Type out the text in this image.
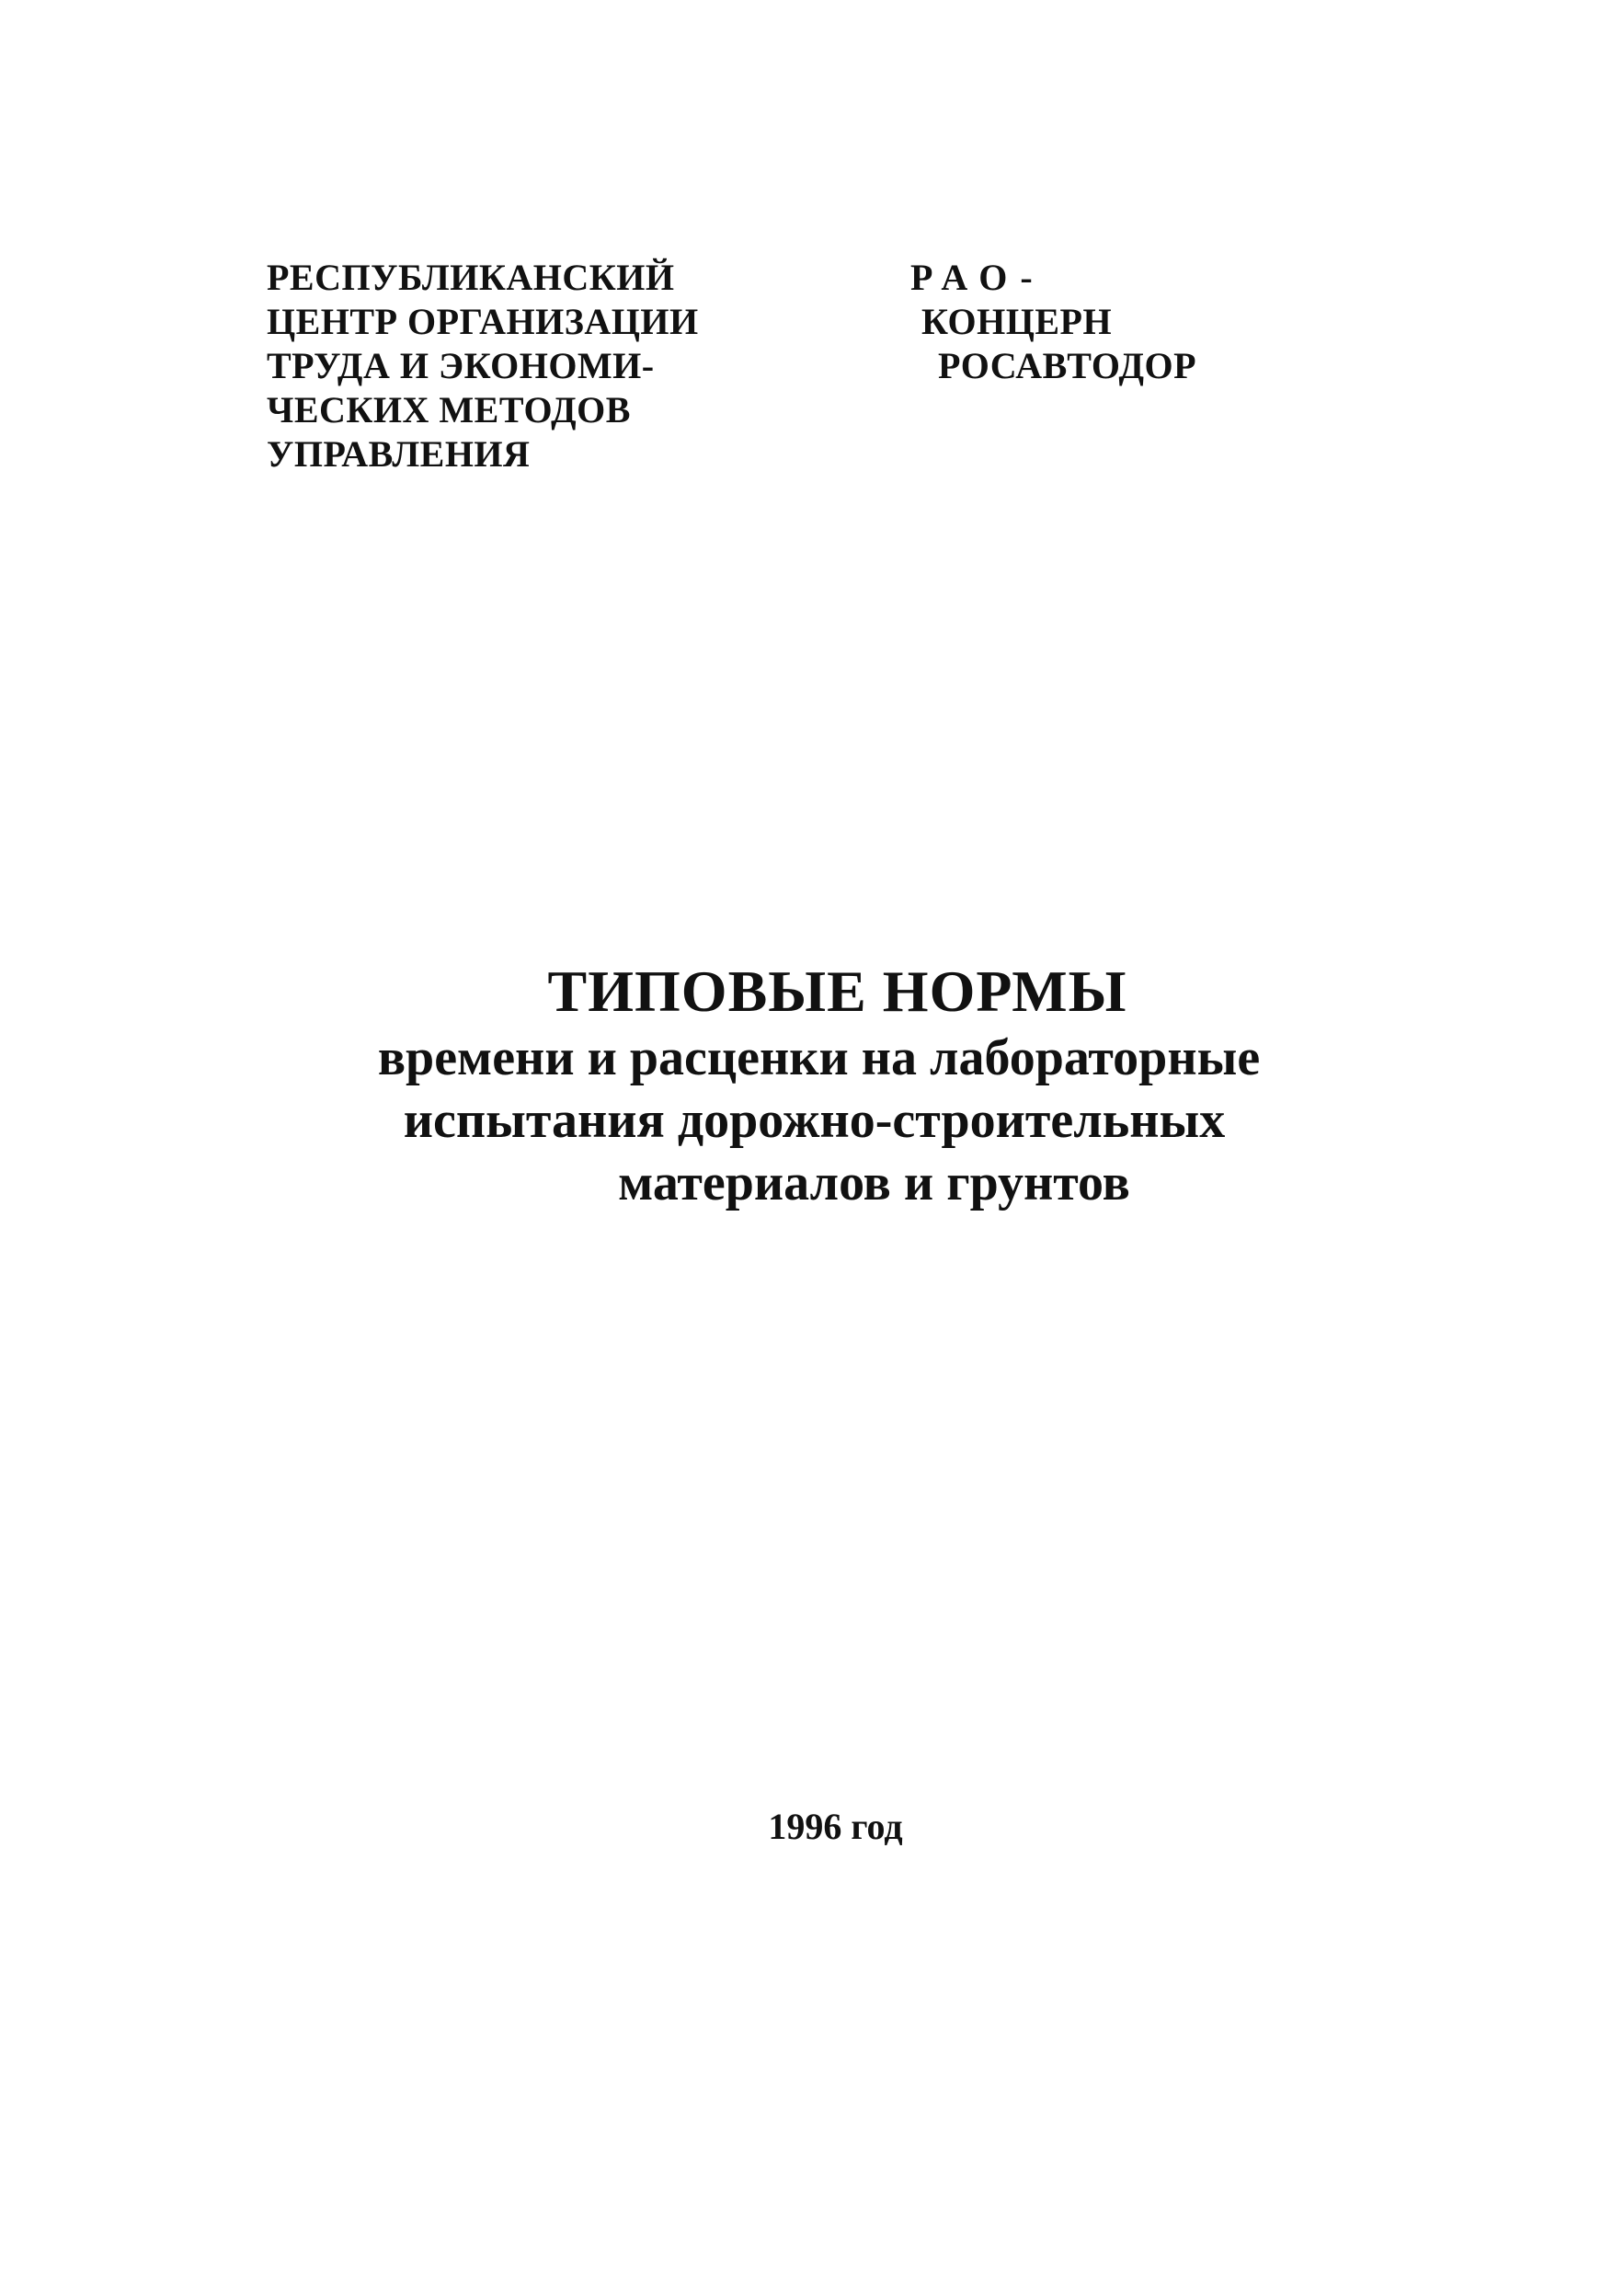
РЕСПУБЛИКАНСКИЙ
ЦЕНТР ОРГАНИЗАЦИИ
ТРУДА И ЭКОНОМИ-
ЧЕСКИХ МЕТОДОВ
УПРАВЛЕНИЯ
РАО-
КОНЦЕРН
РОСАВТОДОР
ТИПОВЫЕ НОРМЫ
времени и расценки на лабораторные
испытания дорожно-строительных
материалов и грунтов
1996 год
